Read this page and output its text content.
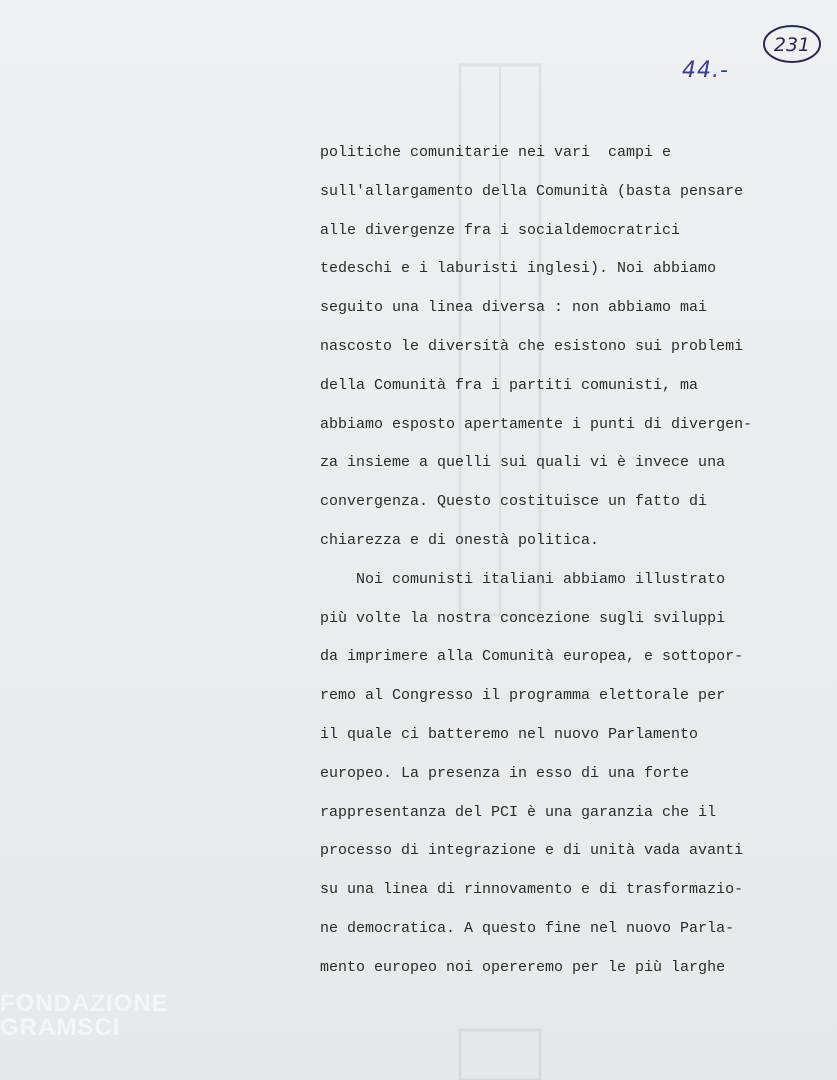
FONDAZIONE
GRAMSCI
231
44.-
politiche comunitarie nei vari  campi e
sull'allargamento della Comunità (basta pensare
alle divergenze fra i socialdemocratrici
tedeschi e i laburisti inglesi). Noi abbiamo
seguito una linea diversa : non abbiamo mai
nascosto le diversità che esistono sui problemi
della Comunità fra i partiti comunisti, ma
abbiamo esposto apertamente i punti di divergen-
za insieme a quelli sui quali vi è invece una
convergenza. Questo costituisce un fatto di
chiarezza e di onestà politica.
Noi comunisti italiani abbiamo illustrato
più volte la nostra concezione sugli sviluppi
da imprimere alla Comunità europea, e sottopor-
remo al Congresso il programma elettorale per
il quale ci batteremo nel nuovo Parlamento
europeo. La presenza in esso di una forte
rappresentanza del PCI è una garanzia che il
processo di integrazione e di unità vada avanti
su una linea di rinnovamento e di trasformazio-
ne democratica. A questo fine nel nuovo Parla-
mento europeo noi opereremo per le più larghe
